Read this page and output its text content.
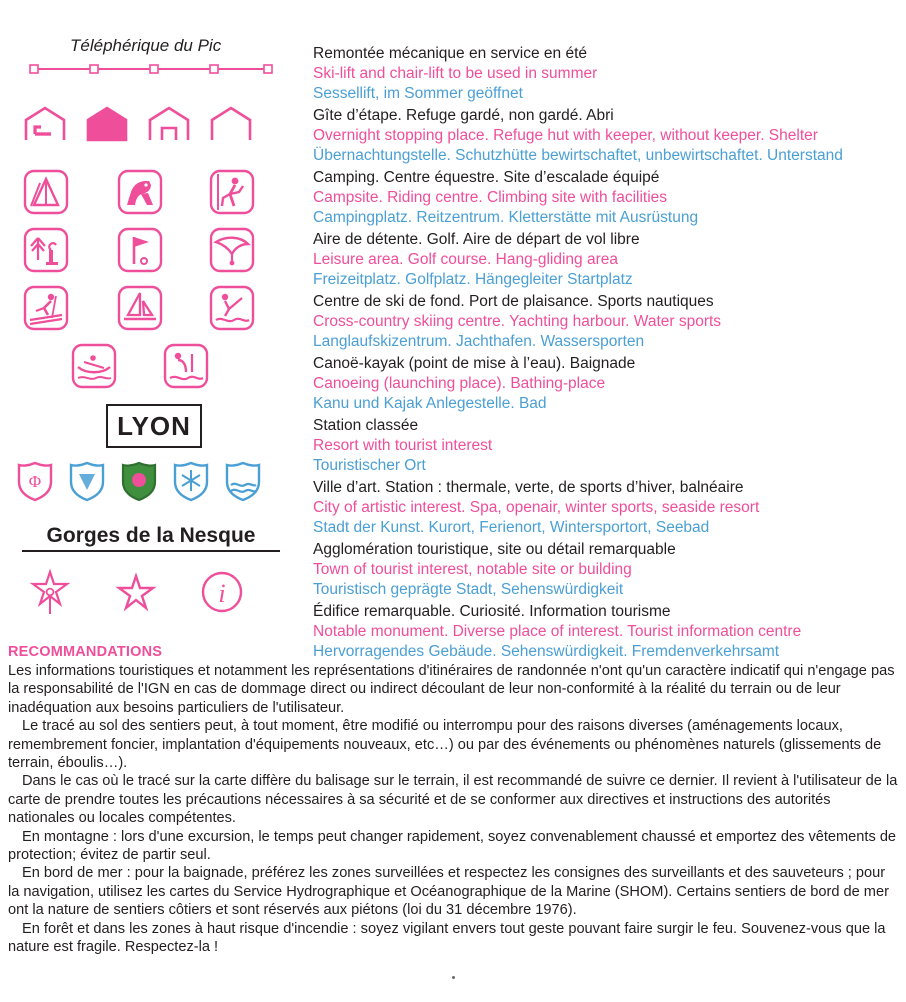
Téléphérique du Pic
LYON
Φ
Gorges de la Nesque
i
Remontée mécanique en service en été
Ski-lift and chair-lift to be used in summer
Sessellift, im Sommer geöffnet
Gîte d’étape. Refuge gardé, non gardé. Abri
Overnight stopping place. Refuge hut with keeper, without keeper. Shelter
Übernachtungstelle. Schutzhütte bewirtschaftet, unbewirtschaftet. Unterstand
Camping. Centre équestre. Site d’escalade équipé
Campsite. Riding centre. Climbing site with facilities
Campingplatz. Reitzentrum. Kletterstätte mit Ausrüstung
Aire de détente. Golf. Aire de départ de vol libre
Leisure area. Golf course. Hang-gliding area
Freizeitplatz. Golfplatz. Hängegleiter Startplatz
Centre de ski de fond. Port de plaisance. Sports nautiques
Cross-country skiing centre. Yachting harbour. Water sports
Langlaufskizentrum. Jachthafen. Wassersporten
Canoë-kayak (point de mise à l’eau). Baignade
Canoeing (launching place). Bathing-place
Kanu und Kajak Anlegestelle. Bad
Station classée
Resort with tourist interest
Touristischer Ort
Ville d’art. Station : thermale, verte, de sports d’hiver, balnéaire
City of artistic interest. Spa, openair, winter sports, seaside resort
Stadt der Kunst. Kurort, Ferienort, Wintersportort, Seebad
Agglomération touristique, site ou détail remarquable
Town of tourist interest, notable site or building
Touristisch geprägte Stadt, Sehenswürdigkeit
Édifice remarquable. Curiosité. Information tourisme
Notable monument. Diverse place of interest. Tourist information centre
Hervorragendes Gebäude. Sehenswürdigkeit. Fremdenverkehrsamt
RECOMMANDATIONS

Les informations touristiques et notamment les représentations d'itinéraires de randonnée n'ont qu'un caractère indicatif qui n'engage pas la responsabilité de l'IGN en cas de dommage direct ou indirect découlant de leur non-conformité à la réalité du terrain ou de leur inadéquation aux besoins particuliers de l'utilisateur.

Le tracé au sol des sentiers peut, à tout moment, être modifié ou interrompu pour des raisons diverses (aménagements locaux, remembrement foncier, implantation d'équipements nouveaux, etc…) ou par des événements ou phénomènes naturels (glissements de terrain, éboulis…).

Dans le cas où le tracé sur la carte diffère du balisage sur le terrain, il est recommandé de suivre ce dernier. Il revient à l'utilisateur de la carte de prendre toutes les précautions nécessaires à sa sécurité et de se conformer aux directives et instructions des autorités nationales ou locales compétentes.

En montagne : lors d'une excursion, le temps peut changer rapidement, soyez convenablement chaussé et emportez des vêtements de protection; évitez de partir seul.

En bord de mer : pour la baignade, préférez les zones surveillées et respectez les consignes des surveillants et des sauveteurs ; pour la navigation, utilisez les cartes du Service Hydrographique et Océanographique de la Marine (SHOM). Certains sentiers de bord de mer ont la nature de sentiers côtiers et sont réservés aux piétons (loi du 31 décembre 1976).

En forêt et dans les zones à haut risque d'incendie : soyez vigilant envers tout geste pouvant faire surgir le feu. Souvenez-vous que la nature est fragile. Respectez-la !
